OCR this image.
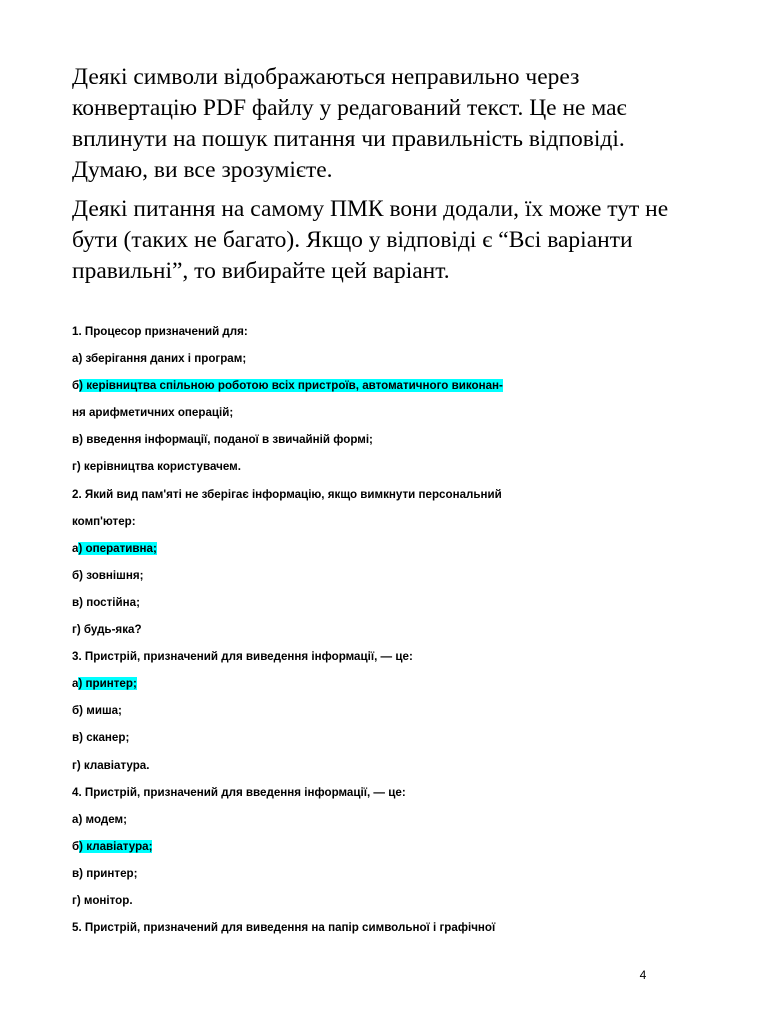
Деякі символи відображаються неправильно через конвертацію PDF файлу у редагований текст. Це не має вплинути на пошук питання чи правильність відповіді. Думаю, ви все зрозумієте.

Деякі питання на самому ПМК вони додали, їх може тут не бути (таких не багато). Якщо у відповіді є “Всі варіанти правильні”, то вибирайте цей варіант.

1. Процесор призначений для:
а) зберігання даних і програм;
б) керівництва спільною роботою всіх пристроїв, автоматичного виконан-
ня арифметичних операцій;
в) введення інформації, поданої в звичайній формі;
г) керівництва користувачем.
2. Який вид пам'яті не зберігає інформацію, якщо вимкнути персональний
комп'ютер:
а) оперативна;
б) зовнішня;
в) постійна;
г) будь-яка?
3. Пристрій, призначений для виведення інформації, — це:
а) принтер;
б) миша;
в) сканер;
г) клавіатура.
4. Пристрій, призначений для введення інформації, — це:
а) модем;
б) клавіатура;
в) принтер;
г) монітор.
5. Пристрій, призначений для виведення на папір символьної і графічної
4
